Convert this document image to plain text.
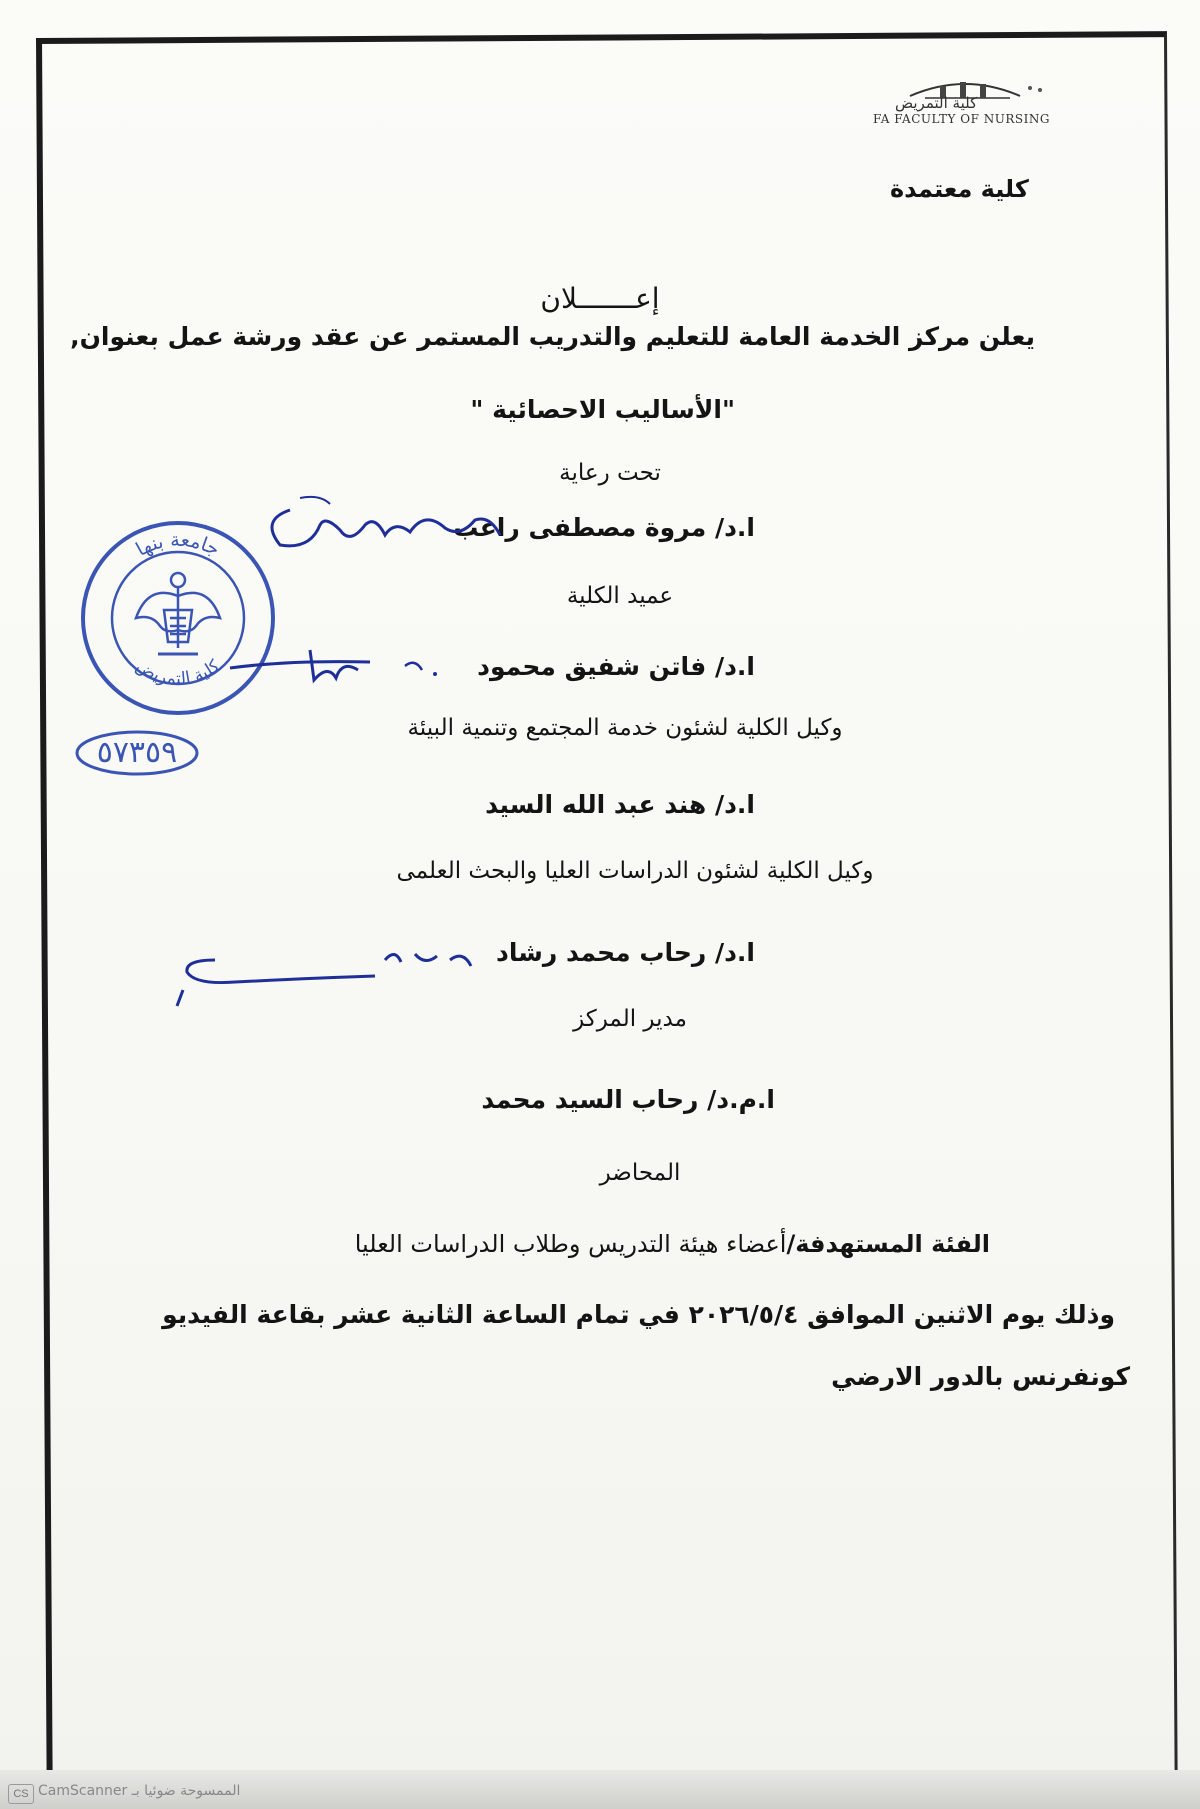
كلية التمريض
FA FACULTY OF NURSING
كلية معتمدة
إعـــــــلان
يعلن مركز الخدمة العامة للتعليم والتدريب المستمر عن عقد ورشة عمل بعنوان,
"الأساليب الاحصائية "
تحت رعاية
ا.د/ مروة مصطفى راغب
عميد الكلية
ا.د/ فاتن شفيق محمود
وكيل الكلية لشئون خدمة المجتمع وتنمية البيئة
ا.د/ هند عبد الله السيد
وكيل الكلية لشئون الدراسات العليا والبحث العلمى
ا.د/ رحاب محمد رشاد
مدير المركز
ا.م.د/ رحاب السيد محمد
المحاضر
الفئة المستهدفة/أعضاء هيئة التدريس وطلاب الدراسات العليا
وذلك يوم الاثنين الموافق ٢٠٢٦/٥/٤ في تمام الساعة الثانية عشر بقاعة الفيديو
كونفرنس بالدور الارضي
جامعة بنها
كلية التمريض
٥٧٣٥٩
CS الممسوحة ضوئيا بـ CamScanner
